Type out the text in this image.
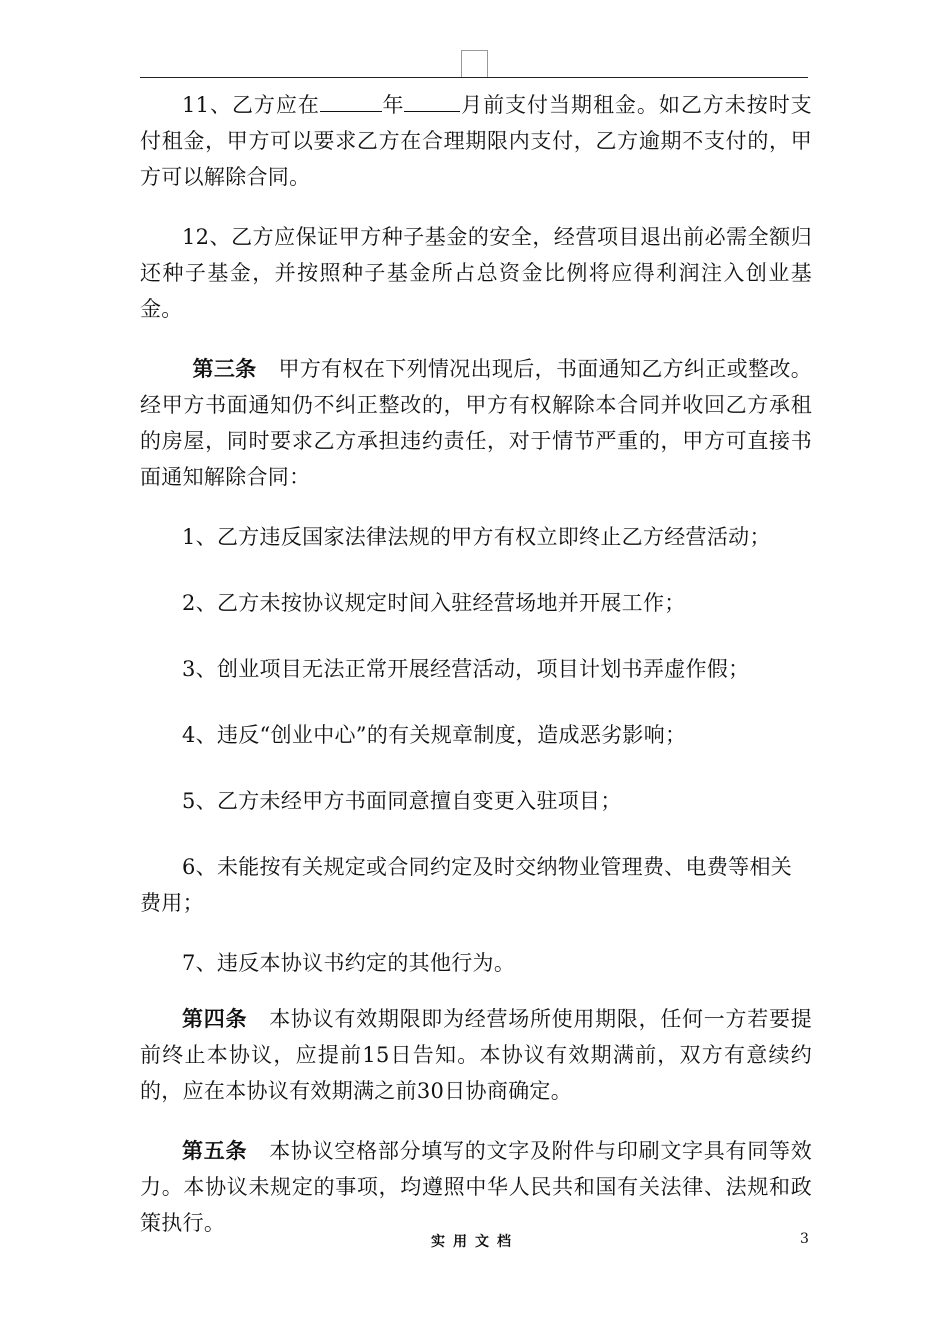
11、乙方应在	年	月前支付当期租金。如乙方未按时支付租金，甲方可以要求乙方在合理期限内支付，乙方逾期不支付的，甲方可以解除合同。

12、乙方应保证甲方种子基金的安全，经营项目退出前必需全额归还种子基金，并按照种子基金所占总资金比例将应得利润注入创业基金。

第三条 甲方有权在下列情况出现后，书面通知乙方纠正或整改。经甲方书面通知仍不纠正整改的，甲方有权解除本合同并收回乙方承租的房屋，同时要求乙方承担违约责任，对于情节严重的，甲方可直接书面通知解除合同：

1、乙方违反国家法律法规的甲方有权立即终止乙方经营活动；

2、乙方未按协议规定时间入驻经营场地并开展工作；

3、创业项目无法正常开展经营活动，项目计划书弄虚作假；

4、违反“创业中心”的有关规章制度，造成恶劣影响；

5、乙方未经甲方书面同意擅自变更入驻项目；

6、未能按有关规定或合同约定及时交纳物业管理费、电费等相关费用；

7、违反本协议书约定的其他行为。

第四条 本协议有效期限即为经营场所使用期限，任何一方若要提前终止本协议，应提前15日告知。本协议有效期满前，双方有意续约的，应在本协议有效期满之前30日协商确定。

第五条 本协议空格部分填写的文字及附件与印刷文字具有同等效力。本协议未规定的事项，均遵照中华人民共和国有关法律、法规和政策执行。

实用文档	3
